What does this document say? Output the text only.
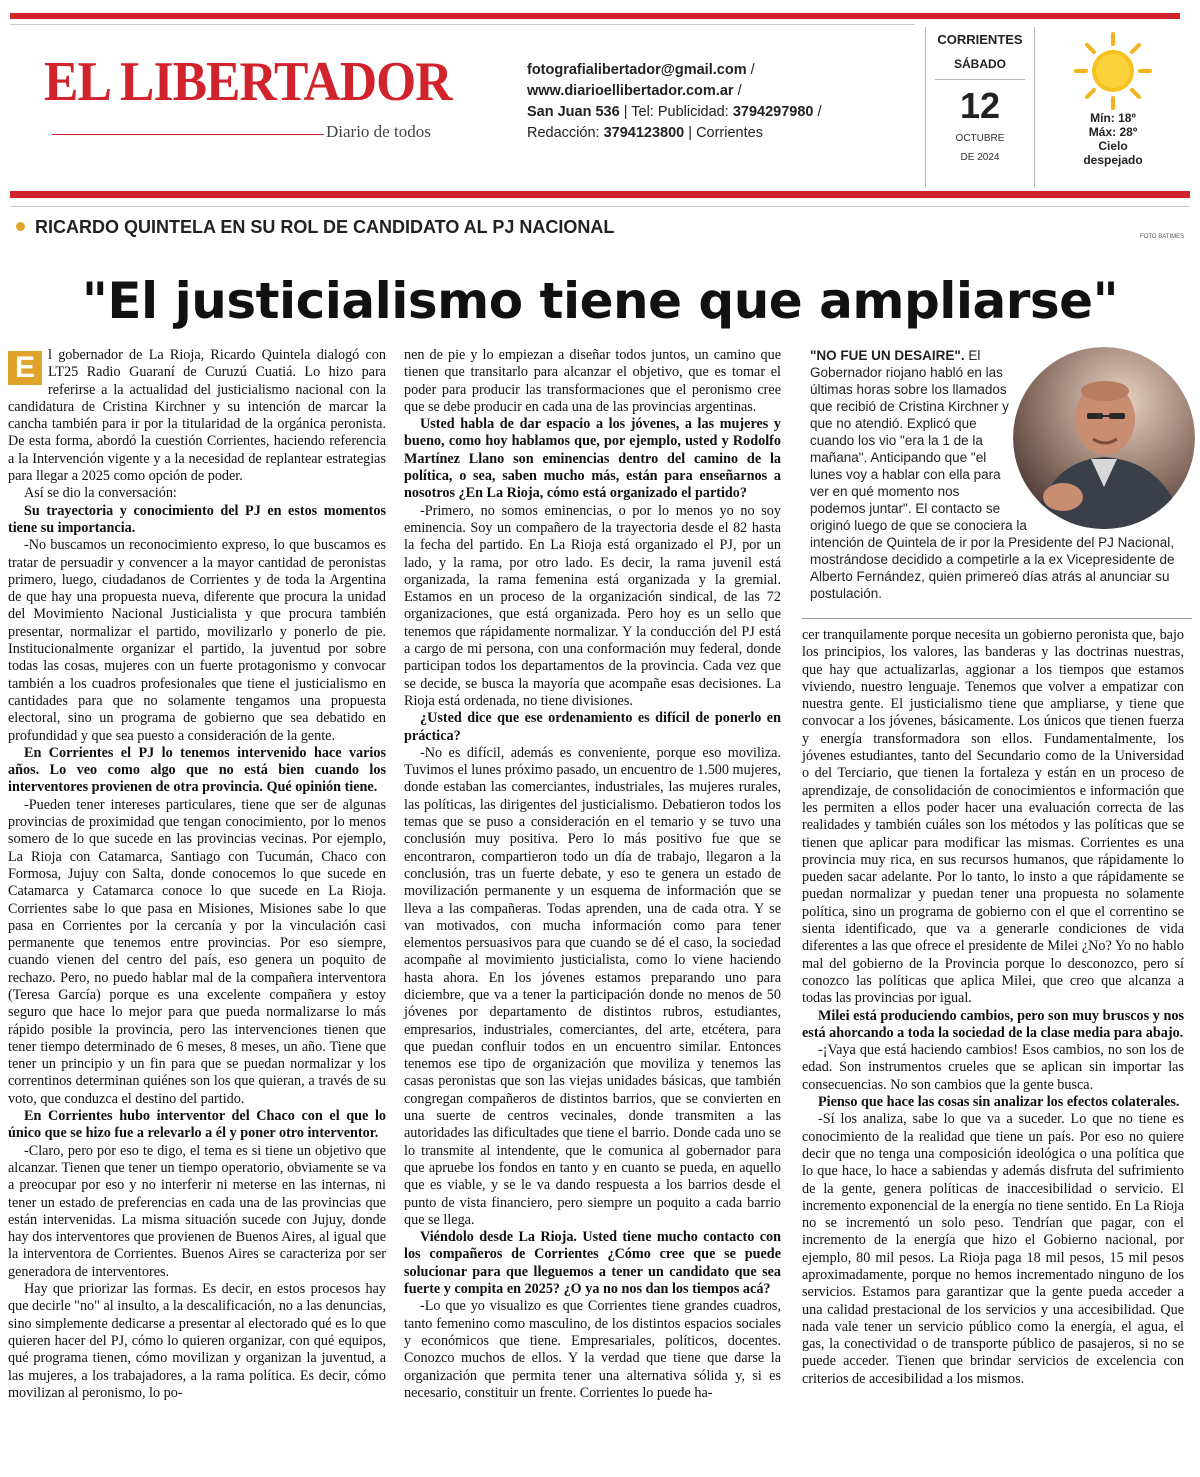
EL LIBERTADOR
Diario de todos
fotografialibertador@gmail.com /
www.diarioellibertador.com.ar /
San Juan 536 | Tel: Publicidad: 3794297980 /
Redacción: 3794123800 | Corrientes
CORRIENTES
SÁBADO
12
OCTUBRE
DE 2024
Mín: 18º
Máx: 28º
Cielo
despejado
RICARDO QUINTELA EN SU ROL DE CANDIDATO AL PJ NACIONAL	FOTO BATIMES
"El justicialismo tiene que ampliarse"

E l gobernador de La Rioja, Ricardo Quintela dialogó con LT25 Radio Guaraní de Curuzú Cuatiá. Lo hizo para referirse a la actualidad del justicialismo nacional con la candidatura de Cristina Kirchner y su intención de marcar la cancha también para ir por la titularidad de la orgánica peronista. De esta forma, abordó la cuestión Corrientes, haciendo referencia a la Intervención vigente y a la necesidad de replantear estrategias para llegar a 2025 como opción de poder.

Así se dio la conversación:

Su trayectoria y conocimiento del PJ en estos momentos tiene su importancia.

-No buscamos un reconocimiento expreso, lo que buscamos es tratar de persuadir y convencer a la mayor cantidad de peronistas primero, luego, ciudadanos de Corrientes y de toda la Argentina de que hay una propuesta nueva, diferente que procura la unidad del Movimiento Nacional Justicialista y que procura también presentar, normalizar el partido, movilizarlo y ponerlo de pie. Institucionalmente organizar el partido, la juventud por sobre todas las cosas, mujeres con un fuerte protagonismo y convocar también a los cuadros profesionales que tiene el justicialismo en cantidades para que no solamente tengamos una propuesta electoral, sino un programa de gobierno que sea debatido en profundidad y que sea puesto a consideración de la gente.

En Corrientes el PJ lo tenemos intervenido hace varios años. Lo veo como algo que no está bien cuando los interventores provienen de otra provincia. Qué opinión tiene.

-Pueden tener intereses particulares, tiene que ser de algunas provincias de proximidad que tengan conocimiento, por lo menos somero de lo que sucede en las provincias vecinas. Por ejemplo, La Rioja con Catamarca, Santiago con Tucumán, Chaco con Formosa, Jujuy con Salta, donde conocemos lo que sucede en Catamarca y Catamarca conoce lo que sucede en La Rioja. Corrientes sabe lo que pasa en Misiones, Misiones sabe lo que pasa en Corrientes por la cercanía y por la vinculación casi permanente que tenemos entre provincias. Por eso siempre, cuando vienen del centro del país, eso genera un poquito de rechazo. Pero, no puedo hablar mal de la compañera interventora (Teresa García) porque es una excelente compañera y estoy seguro que hace lo mejor para que pueda normalizarse lo más rápido posible la provincia, pero las intervenciones tienen que tener tiempo determinado de 6 meses, 8 meses, un año. Tiene que tener un principio y un fin para que se puedan normalizar y los correntinos determinan quiénes son los que quieran, a través de su voto, que conduzca el destino del partido.

En Corrientes hubo interventor del Chaco con el que lo único que se hizo fue a relevarlo a él y poner otro interventor.

-Claro, pero por eso te digo, el tema es si tiene un objetivo que alcanzar. Tienen que tener un tiempo operatorio, obviamente se va a preocupar por eso y no interferir ni meterse en las internas, ni tener un estado de preferencias en cada una de las provincias que están intervenidas. La misma situación sucede con Jujuy, donde hay dos interventores que provienen de Buenos Aires, al igual que la interventora de Corrientes. Buenos Aires se caracteriza por ser generadora de interventores.

Hay que priorizar las formas. Es decir, en estos procesos hay que decirle "no" al insulto, a la descalificación, no a las denuncias, sino simplemente dedicarse a presentar al electorado qué es lo que quieren hacer del PJ, cómo lo quieren organizar, con qué equipos, qué programa tienen, cómo movilizan y organizan la juventud, a las mujeres, a los trabajadores, a la rama política. Es decir, cómo movilizan al peronismo, lo po-

nen de pie y lo empiezan a diseñar todos juntos, un camino que tienen que transitarlo para alcanzar el objetivo, que es tomar el poder para producir las transformaciones que el peronismo cree que se debe producir en cada una de las provincias argentinas.

Usted habla de dar espacio a los jóvenes, a las mujeres y bueno, como hoy hablamos que, por ejemplo, usted y Rodolfo Martínez Llano son eminencias dentro del camino de la política, o sea, saben mucho más, están para enseñarnos a nosotros ¿En La Rioja, cómo está organizado el partido?

-Primero, no somos eminencias, o por lo menos yo no soy eminencia. Soy un compañero de la trayectoria desde el 82 hasta la fecha del partido. En La Rioja está organizado el PJ, por un lado, y la rama, por otro lado. Es decir, la rama juvenil está organizada, la rama femenina está organizada y la gremial. Estamos en un proceso de la organización sindical, de las 72 organizaciones, que está organizada. Pero hoy es un sello que tenemos que rápidamente normalizar. Y la conducción del PJ está a cargo de mi persona, con una conformación muy federal, donde participan todos los departamentos de la provincia. Cada vez que se decide, se busca la mayoría que acompañe esas decisiones. La Rioja está ordenada, no tiene divisiones.

¿Usted dice que ese ordenamiento es difícil de ponerlo en práctica?

-No es difícil, además es conveniente, porque eso moviliza. Tuvimos el lunes próximo pasado, un encuentro de 1.500 mujeres, donde estaban las comerciantes, industriales, las mujeres rurales, las políticas, las dirigentes del justicialismo. Debatieron todos los temas que se puso a consideración en el temario y se tuvo una conclusión muy positiva. Pero lo más positivo fue que se encontraron, compartieron todo un día de trabajo, llegaron a la conclusión, tras un fuerte debate, y eso te genera un estado de movilización permanente y un esquema de información que se lleva a las compañeras. Todas aprenden, una de cada otra. Y se van motivados, con mucha información como para tener elementos persuasivos para que cuando se dé el caso, la sociedad acompañe al movimiento justicialista, como lo viene haciendo hasta ahora. En los jóvenes estamos preparando uno para diciembre, que va a tener la participación donde no menos de 50 jóvenes por departamento de distintos rubros, estudiantes, empresarios, industriales, comerciantes, del arte, etcétera, para que puedan confluir todos en un encuentro similar. Entonces tenemos ese tipo de organización que moviliza y tenemos las casas peronistas que son las viejas unidades básicas, que también congregan compañeros de distintos barrios, que se convierten en una suerte de centros vecinales, donde transmiten a las autoridades las dificultades que tiene el barrio. Donde cada uno se lo transmite al intendente, que le comunica al gobernador para que apruebe los fondos en tanto y en cuanto se pueda, en aquello que es viable, y se le va dando respuesta a los barrios desde el punto de vista financiero, pero siempre un poquito a cada barrio que se llega.

Viéndolo desde La Rioja. Usted tiene mucho contacto con los compañeros de Corrientes ¿Cómo cree que se puede solucionar para que lleguemos a tener un candidato que sea fuerte y compita en 2025? ¿O ya no nos dan los tiempos acá?

-Lo que yo visualizo es que Corrientes tiene grandes cuadros, tanto femenino como masculino, de los distintos espacios sociales y económicos que tiene. Empresariales, políticos, docentes. Conozco muchos de ellos. Y la verdad que tiene que darse la organización que permita tener una alternativa sólida y, si es necesario, constituir un frente. Corrientes lo puede ha-

"NO FUE UN DESAIRE". El Gobernador riojano habló en las últimas horas sobre los llamados que recibió de Cristina Kirchner y que no atendió. Explicó que cuando los vio "era la 1 de la mañana". Anticipando que "el lunes voy a hablar con ella para ver en qué momento nos podemos juntar". El contacto se originó luego de que se conociera la intención de Quintela de ir por la Presidente del PJ Nacional, mostrándose decidido a competirle a la ex Vicepresidente de Alberto Fernández, quien primereó días atrás al anunciar su postulación.

cer tranquilamente porque necesita un gobierno peronista que, bajo los principios, los valores, las banderas y las doctrinas nuestras, que hay que actualizarlas, aggionar a los tiempos que estamos viviendo, nuestro lenguaje. Tenemos que volver a empatizar con nuestra gente. El justicialismo tiene que ampliarse, y tiene que convocar a los jóvenes, básicamente. Los únicos que tienen fuerza y energía transformadora son ellos. Fundamentalmente, los jóvenes estudiantes, tanto del Secundario como de la Universidad o del Terciario, que tienen la fortaleza y están en un proceso de aprendizaje, de consolidación de conocimientos e información que les permiten a ellos poder hacer una evaluación correcta de las realidades y también cuáles son los métodos y las políticas que se tienen que aplicar para modificar las mismas. Corrientes es una provincia muy rica, en sus recursos humanos, que rápidamente lo pueden sacar adelante. Por lo tanto, lo insto a que rápidamente se puedan normalizar y puedan tener una propuesta no solamente política, sino un programa de gobierno con el que el correntino se sienta identificado, que va a generarle condiciones de vida diferentes a las que ofrece el presidente de Milei ¿No? Yo no hablo mal del gobierno de la Provincia porque lo desconozco, pero sí conozco las políticas que aplica Milei, que creo que alcanza a todas las provincias por igual.

Milei está produciendo cambios, pero son muy bruscos y nos está ahorcando a toda la sociedad de la clase media para abajo.

-¡Vaya que está haciendo cambios! Esos cambios, no son los de edad. Son instrumentos crueles que se aplican sin importar las consecuencias. No son cambios que la gente busca.

Pienso que hace las cosas sin analizar los efectos colaterales.

-Sí los analiza, sabe lo que va a suceder. Lo que no tiene es conocimiento de la realidad que tiene un país. Por eso no quiere decir que no tenga una composición ideológica o una política que lo que hace, lo hace a sabiendas y además disfruta del sufrimiento de la gente, genera políticas de inaccesibilidad o servicio. El incremento exponencial de la energía no tiene sentido. En La Rioja no se incrementó un solo peso. Tendrían que pagar, con el incremento de la energía que hizo el Gobierno nacional, por ejemplo, 80 mil pesos. La Rioja paga 18 mil pesos, 15 mil pesos aproximadamente, porque no hemos incrementado ninguno de los servicios. Estamos para garantizar que la gente pueda acceder a una calidad prestacional de los servicios y una accesibilidad. Que nada vale tener un servicio público como la energía, el agua, el gas, la conectividad o de transporte público de pasajeros, si no se puede acceder. Tienen que brindar servicios de excelencia con criterios de accesibilidad a los mismos.
